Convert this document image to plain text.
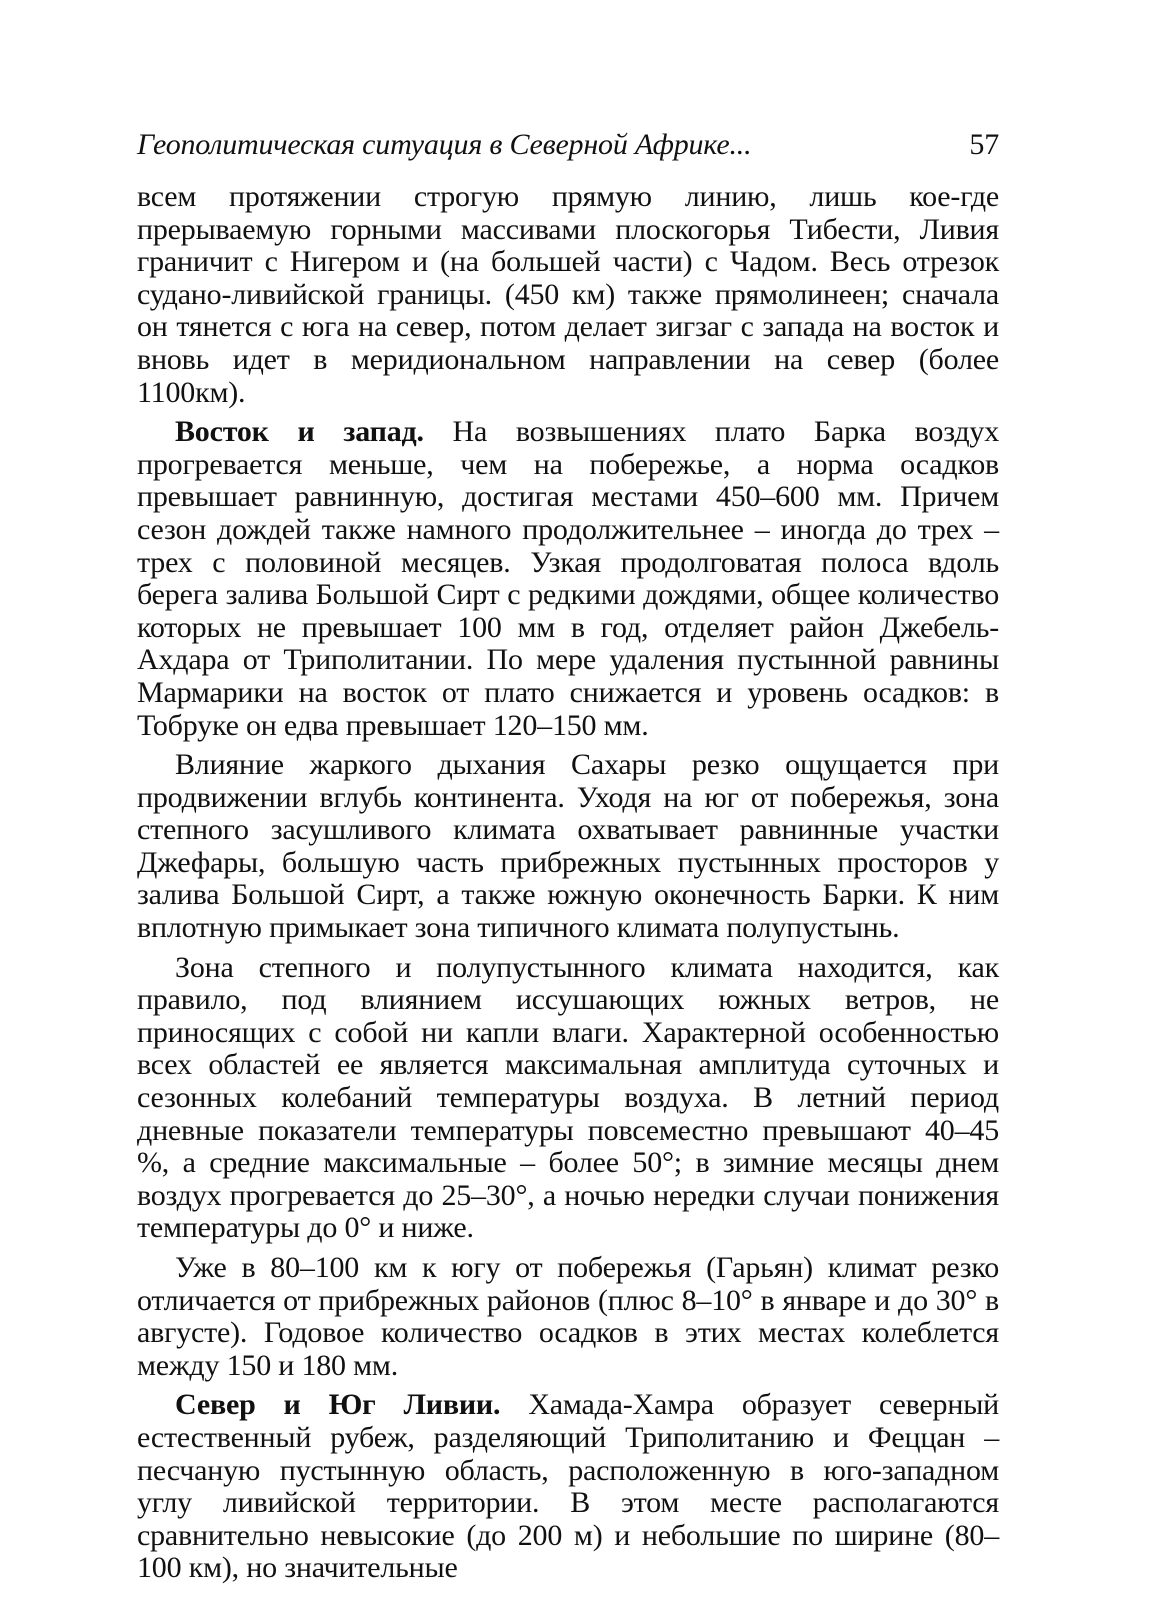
Геополитическая ситуация в Северной Африке...	57

всем протяжении строгую прямую линию, лишь кое-где прерываемую горными массивами плоскогорья Тибести, Ливия граничит с Нигером и (на большей части) с Чадом. Весь отрезок судано-ливийской границы. (450 км) также прямолинеен; сначала он тянется с юга на север, потом делает зигзаг с запада на восток и вновь идет в меридиональном направлении на север (более 1100км).

Восток и запад. На возвышениях плато Барка воздух прогревается меньше, чем на побережье, а норма осадков превышает равнинную, достигая местами 450–600 мм. Причем сезон дождей также намного продолжительнее – иногда до трех – трех с половиной месяцев. Узкая продолговатая полоса вдоль берега залива Большой Сирт с редкими дождями, общее количество которых не превышает 100 мм в год, отделяет район Джебель-Ахдара от Триполитании. По мере удаления пустынной равнины Мармарики на восток от плато снижается и уровень осадков: в Тобруке он едва превышает 120–150 мм.

Влияние жаркого дыхания Сахары резко ощущается при продвижении вглубь континента. Уходя на юг от побережья, зона степного засушливого климата охватывает равнинные участки Джефары, большую часть прибрежных пустынных просторов у залива Большой Сирт, а также южную оконечность Барки. К ним вплотную примыкает зона типичного климата полупустынь.

Зона степного и полупустынного климата находится, как правило, под влиянием иссушающих южных ветров, не приносящих с собой ни капли влаги. Характерной особенностью всех областей ее является максимальная амплитуда суточных и сезонных колебаний температуры воздуха. В летний период дневные показатели температуры повсеместно превышают 40–45 %, а средние максимальные – более 50°; в зимние месяцы днем воздух прогревается до 25–30°, а ночью нередки случаи понижения температуры до 0° и ниже.

Уже в 80–100 км к югу от побережья (Гарьян) климат резко отличается от прибрежных районов (плюс 8–10° в январе и до 30° в августе). Годовое количество осадков в этих местах колеблется между 150 и 180 мм.

Север и Юг Ливии. Хамада-Хамра образует северный естественный рубеж, разделяющий Триполитанию и Феццан – песчаную пустынную область, расположенную в юго-западном углу ливийской территории. В этом месте располагаются сравнительно невысокие (до 200 м) и небольшие по ширине (80–100 км), но значительные
